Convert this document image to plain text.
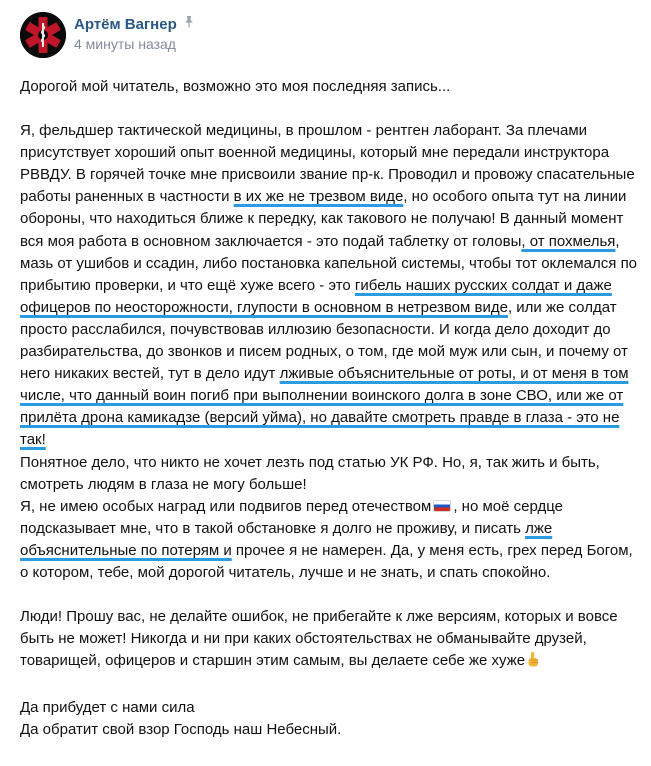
Артём Вагнер
4 минуты назад

Дорогой мой читатель, возможно это моя последняя запись...

Я, фельдшер тактической медицины, в прошлом - рентген лаборант. За плечами присутствует хороший опыт военной медицины, который мне передали инструктора РВВДУ. В горячей точке мне присвоили звание пр-к. Проводил и провожу спасательные работы раненных в частности в их же не трезвом виде, но особого опыта тут на линии обороны, что находиться ближе к передку, как такового не получаю! В данный момент вся моя работа в основном заключается - это подай таблетку от головы, от похмелья, мазь от ушибов и ссадин, либо постановка капельной системы, чтобы тот оклемался по прибытию проверки, и что ещё хуже всего - это гибель наших русских солдат и даже офицеров по неосторожности, глупости в основном в нетрезвом виде, или же солдат просто расслабился, почувствовав иллюзию безопасности. И когда дело доходит до разбирательства, до звонков и писем родных, о том, где мой муж или сын, и почему от него никаких вестей, тут в дело идут лживые объяснительные от роты, и от меня в том числе, что данный воин погиб при выполнении воинского долга в зоне СВО, или же от прилёта дрона камикадзе (версий уйма), но давайте смотреть правде в глаза - это не так!

Понятное дело, что никто не хочет лезть под статью УК РФ. Но, я, так жить и быть, смотреть людям в глаза не могу больше!

Я, не имею особых наград или подвигов перед отечеством , но моё сердце подсказывает мне, что в такой обстановке я долго не проживу, и писать лже объяснительные по потерям и прочее я не намерен. Да, у меня есть, грех перед Богом, о котором, тебе, мой дорогой читатель, лучше и не знать, и спать спокойно.

Люди! Прошу вас, не делайте ошибок, не прибегайте к лже версиям, которых и вовсе быть не может! Никогда и ни при каких обстоятельствах не обманывайте друзей, товарищей, офицеров и старшин этим самым, вы делаете себе же хуже

Да прибудет с нами сила

Да обратит свой взор Господь наш Небесный.
